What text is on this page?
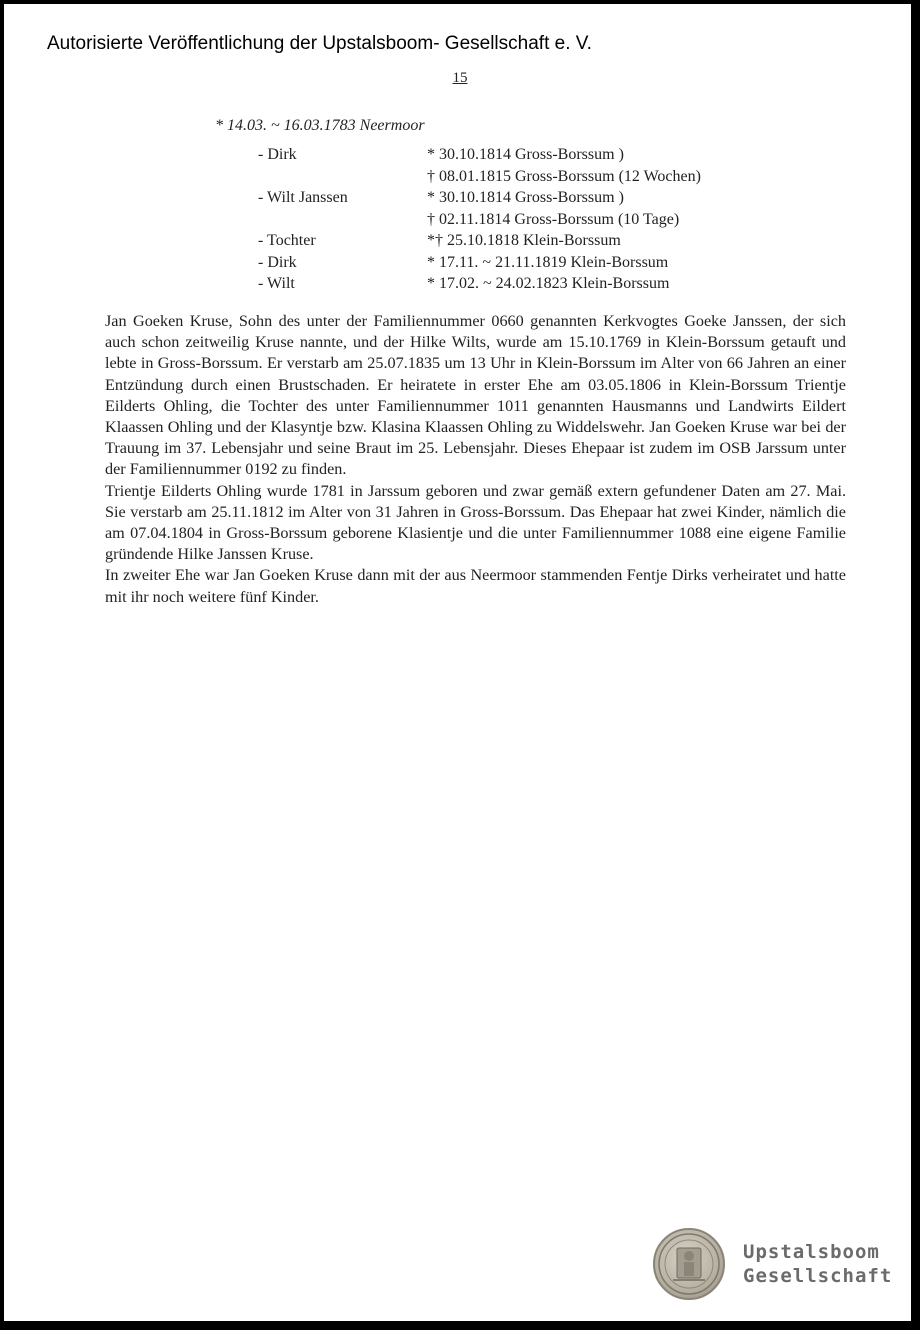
Autorisierte Veröffentlichung der Upstalsboom- Gesellschaft e. V.
15
* 14.03. ~ 16.03.1783 Neermoor
- Dirk	* 30.10.1814 Gross-Borssum )
† 08.01.1815 Gross-Borssum (12 Wochen)
- Wilt Janssen	* 30.10.1814 Gross-Borssum )
† 02.11.1814 Gross-Borssum (10 Tage)
- Tochter	*† 25.10.1818 Klein-Borssum
- Dirk	* 17.11. ~ 21.11.1819 Klein-Borssum
- Wilt	* 17.02. ~ 24.02.1823 Klein-Borssum

Jan Goeken Kruse, Sohn des unter der Familiennummer 0660 genannten Kerkvogtes Goeke Janssen, der sich auch schon zeitweilig Kruse nannte, und der Hilke Wilts, wurde am 15.10.1769 in Klein-Borssum getauft und lebte in Gross-Borssum. Er verstarb am 25.07.1835 um 13 Uhr in Klein-Borssum im Alter von 66 Jahren an einer Entzündung durch einen Brustschaden. Er heiratete in erster Ehe am 03.05.1806 in Klein-Borssum Trientje Eilderts Ohling, die Tochter des unter Familiennummer 1011 genannten Hausmanns und Landwirts Eildert Klaassen Ohling und der Klasyntje bzw. Klasina Klaassen Ohling zu Widdelswehr. Jan Goeken Kruse war bei der Trauung im 37. Lebensjahr und seine Braut im 25. Lebensjahr. Dieses Ehepaar ist zudem im OSB Jarssum unter der Familiennummer 0192 zu finden.

Trientje Eilderts Ohling wurde 1781 in Jarssum geboren und zwar gemäß extern gefundener Daten am 27. Mai. Sie verstarb am 25.11.1812 im Alter von 31 Jahren in Gross-Borssum. Das Ehepaar hat zwei Kinder, nämlich die am 07.04.1804 in Gross-Borssum geborene Klasientje und die unter Familiennummer 1088 eine eigene Familie gründende Hilke Janssen Kruse.

In zweiter Ehe war Jan Goeken Kruse dann mit der aus Neermoor stammenden Fentje Dirks verheiratet und hatte mit ihr noch weitere fünf Kinder.

Upstalsboom
Gesellschaft
